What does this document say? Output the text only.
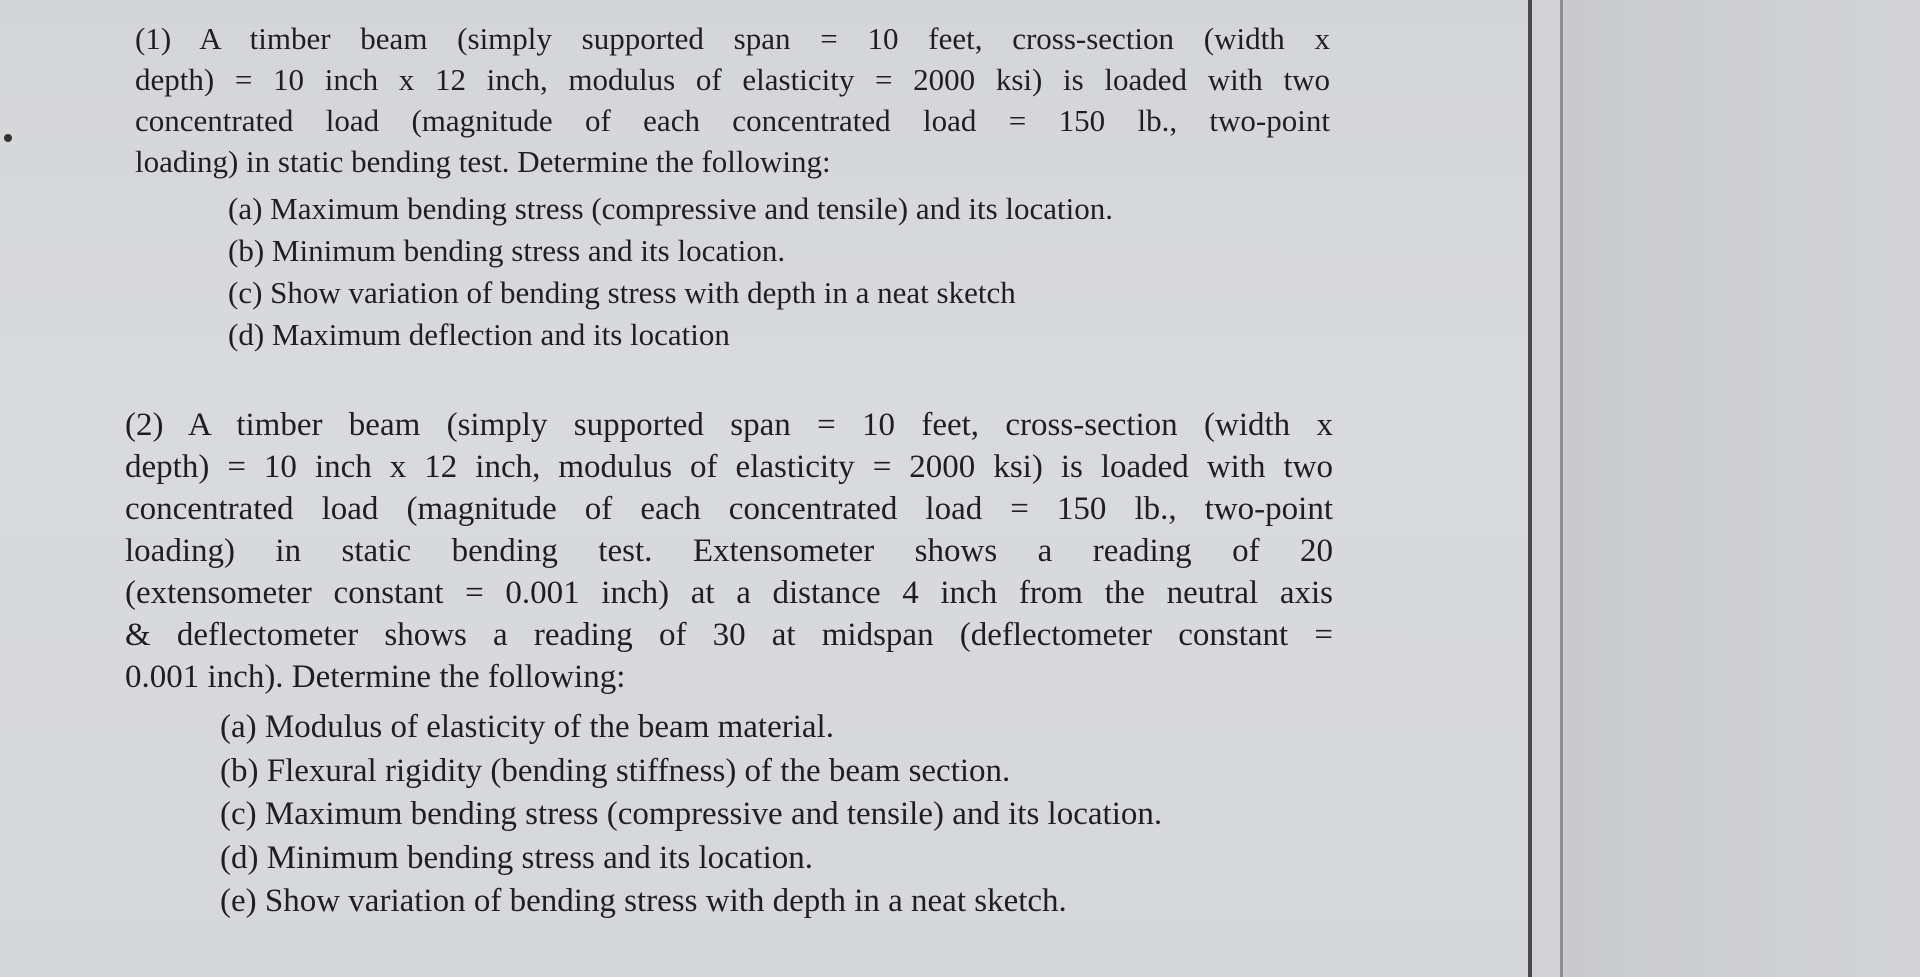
(1) A timber beam (simply supported span = 10 feet, cross-section (width x
depth) = 10 inch x 12 inch, modulus of elasticity = 2000 ksi) is loaded with two
concentrated load (magnitude of each concentrated load = 150 lb., two-point
loading) in static bending test. Determine the following:
(a) Maximum bending stress (compressive and tensile) and its location.
(b) Minimum bending stress and its location.
(c) Show variation of bending stress with depth in a neat sketch
(d) Maximum deflection and its location
(2) A timber beam (simply supported span = 10 feet, cross-section (width x
depth) = 10 inch x 12 inch, modulus of elasticity = 2000 ksi) is loaded with two
concentrated load (magnitude of each concentrated load = 150 lb., two-point
loading) in static bending test. Extensometer shows a reading of 20
(extensometer constant = 0.001 inch) at a distance 4 inch from the neutral axis
& deflectometer shows a reading of 30 at midspan (deflectometer constant =
0.001 inch). Determine the following:
(a) Modulus of elasticity of the beam material.
(b) Flexural rigidity (bending stiffness) of the beam section.
(c) Maximum bending stress (compressive and tensile) and its location.
(d) Minimum bending stress and its location.
(e) Show variation of bending stress with depth in a neat sketch.
